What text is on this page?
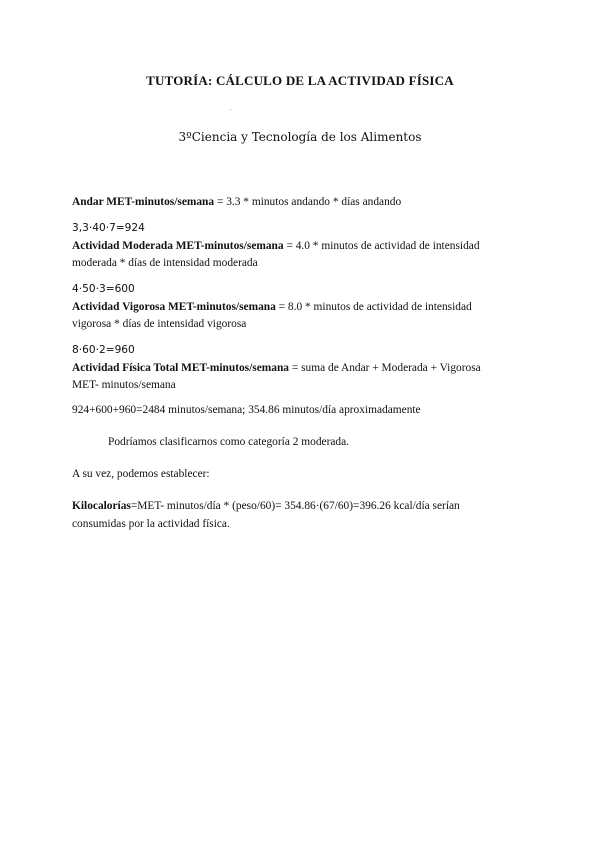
TUTORÍA: CÁLCULO DE LA ACTIVIDAD FÍSICA
3ºCiencia y Tecnología de los Alimentos
Andar MET-minutos/semana = 3.3 * minutos andando * días andando
3,3·40·7=924
Actividad Moderada MET-minutos/semana = 4.0 * minutos de actividad de intensidad
moderada * días de intensidad moderada
4·50·3=600
Actividad Vigorosa MET-minutos/semana = 8.0 * minutos de actividad de intensidad
vigorosa * días de intensidad vigorosa
8·60·2=960
Actividad Física Total MET-minutos/semana = suma de Andar + Moderada + Vigorosa
MET- minutos/semana
924+600+960=2484 minutos/semana; 354.86 minutos/día aproximadamente
Podríamos clasificarnos como categoría 2 moderada.
A su vez, podemos establecer:
Kilocalorías=MET- minutos/día * (peso/60)= 354.86·(67/60)=396.26 kcal/día serían
consumidas por la actividad física.
